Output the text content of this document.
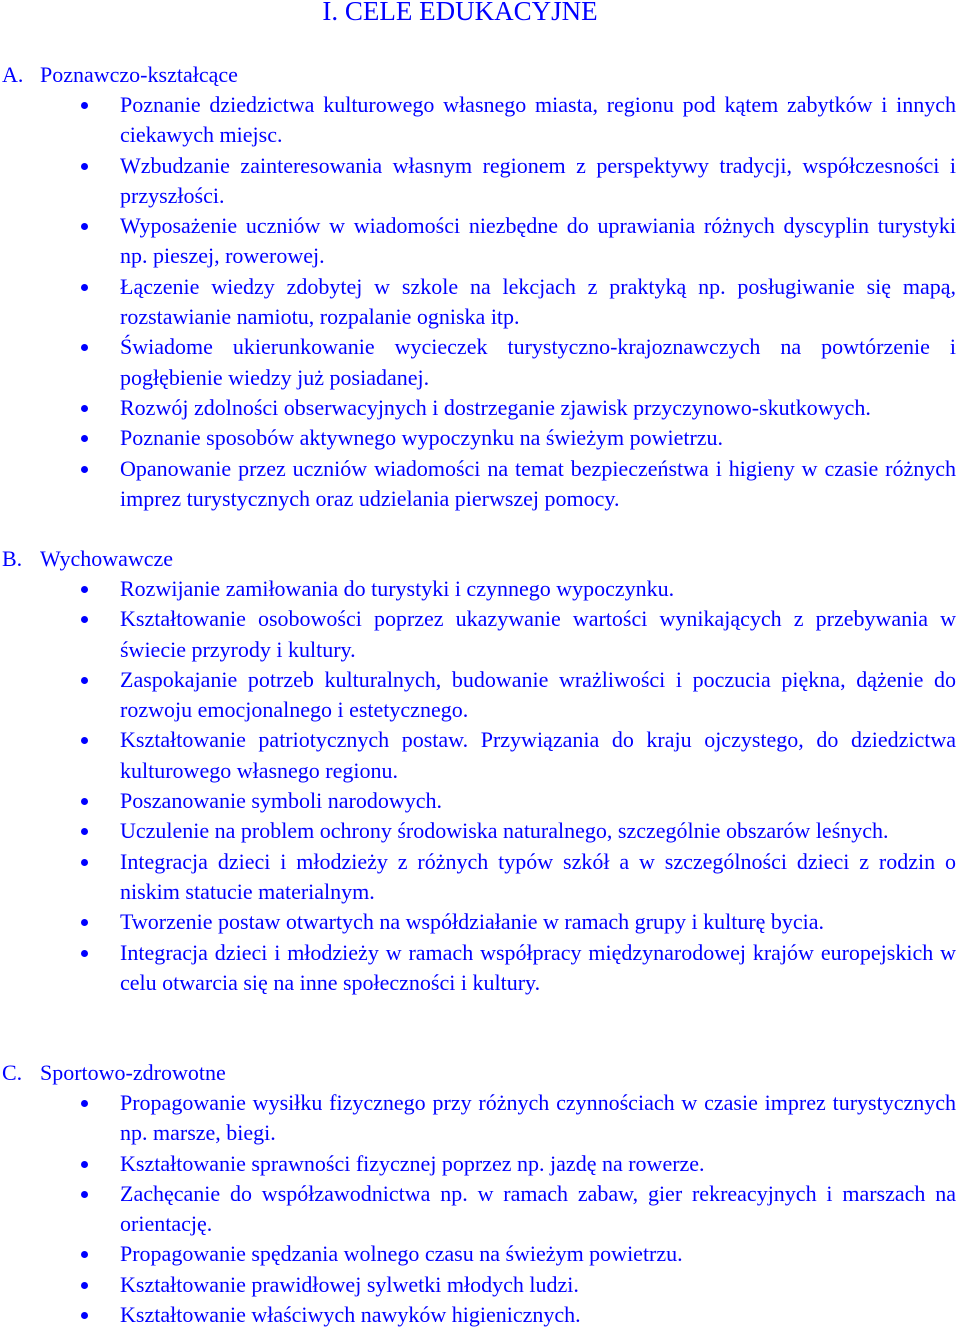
I. CELE EDUKACYJNE
A. Poznawczo-kształcące
Poznanie dziedzictwa kulturowego własnego miasta, regionu pod kątem zabytków i innych ciekawych miejsc.
Wzbudzanie zainteresowania własnym regionem z perspektywy tradycji, współczesności i przyszłości.
Wyposażenie uczniów w wiadomości niezbędne do uprawiania różnych dyscyplin turystyki np. pieszej, rowerowej.
Łączenie wiedzy zdobytej w szkole na lekcjach z praktyką np. posługiwanie się mapą, rozstawianie namiotu, rozpalanie ogniska itp.
Świadome ukierunkowanie wycieczek turystyczno-krajoznawczych na powtórzenie i pogłębienie wiedzy już posiadanej.
Rozwój zdolności obserwacyjnych i dostrzeganie zjawisk przyczynowo-skutkowych.
Poznanie sposobów aktywnego wypoczynku na świeżym powietrzu.
Opanowanie przez uczniów wiadomości na temat bezpieczeństwa i higieny w czasie różnych imprez turystycznych oraz udzielania pierwszej pomocy.
B. Wychowawcze
Rozwijanie zamiłowania do turystyki i czynnego wypoczynku.
Kształtowanie osobowości poprzez ukazywanie wartości wynikających z przebywania w świecie przyrody i kultury.
Zaspokajanie potrzeb kulturalnych, budowanie wrażliwości i poczucia piękna, dążenie do rozwoju emocjonalnego i estetycznego.
Kształtowanie patriotycznych postaw. Przywiązania do kraju ojczystego, do dziedzictwa kulturowego własnego regionu.
Poszanowanie symboli narodowych.
Uczulenie na problem ochrony środowiska naturalnego, szczególnie obszarów leśnych.
Integracja dzieci i młodzieży z różnych typów szkół a w szczególności dzieci z rodzin o niskim statucie materialnym.
Tworzenie postaw otwartych na współdziałanie w ramach grupy i kulturę bycia.
Integracja dzieci i młodzieży w ramach współpracy międzynarodowej krajów europejskich w celu otwarcia się na inne społeczności i kultury.
C. Sportowo-zdrowotne
Propagowanie wysiłku fizycznego przy różnych czynnościach w czasie imprez turystycznych np. marsze, biegi.
Kształtowanie sprawności fizycznej poprzez np. jazdę na rowerze.
Zachęcanie do współzawodnictwa np. w ramach zabaw, gier rekreacyjnych i marszach na orientację.
Propagowanie spędzania wolnego czasu na świeżym powietrzu.
Kształtowanie prawidłowej sylwetki młodych ludzi.
Kształtowanie właściwych nawyków higienicznych.
